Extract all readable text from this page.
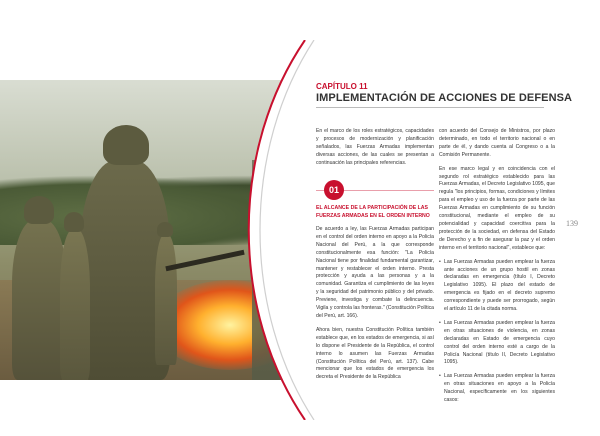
CAPÍTULO 11
IMPLEMENTACIÓN DE ACCIONES DE DEFENSA

En el marco de los roles estratégicos, capacidades y procesos de modernización y planificación señalados, las Fuerzas Armadas implementan diversas acciones, de las cuales se presentan a continuación las principales referencias.

01
EL ALCANCE DE LA PARTICIPACIÓN DE LAS FUERZAS ARMADAS EN EL ORDEN INTERNO

De acuerdo a ley, las Fuerzas Armadas participan en el control del orden interno en apoyo a la Policía Nacional del Perú, a la que corresponde constitucionalmente esa función: "La Policía Nacional tiene por finalidad fundamental garantizar, mantener y restablecer el orden interno. Presta protección y ayuda a las personas y a la comunidad. Garantiza el cumplimiento de las leyes y la seguridad del patrimonio público y del privado. Previene, investiga y combate la delincuencia. Vigila y controla las fronteras." (Constitución Política del Perú, art. 166).

Ahora bien, nuestra Constitución Política también establece que, en los estados de emergencia, si así lo dispone el Presidente de la República, el control interno lo asumen las Fuerzas Armadas (Constitución Política del Perú, art. 137). Cabe mencionar que los estados de emergencia los decreta el Presidente de la República

con acuerdo del Consejo de Ministros, por plazo determinado, en todo el territorio nacional o en parte de él, y dando cuenta al Congreso o a la Comisión Permanente.

En ese marco legal y en coincidencia con el segundo rol estratégico establecido para las Fuerzas Armadas, el Decreto Legislativo 1095, que regula "los principios, formas, condiciones y límites para el empleo y uso de la fuerza por parte de las Fuerzas Armadas en cumplimiento de su función constitucional, mediante el empleo de su potencialidad y capacidad coercitiva para la protección de la sociedad, en defensa del Estado de Derecho y a fin de asegurar la paz y el orden interno en el territorio nacional", establece que:

• Las Fuerzas Armadas pueden emplear la fuerza ante acciones de un grupo hostil en zonas declaradas en emergencia (título I, Decreto Legislativo 1095). El plazo del estado de emergencia es fijado en el decreto supremo correspondiente y puede ser prorrogado, según el artículo 11 de la citada norma.
• Las Fuerzas Armadas pueden emplear la fuerza en otras situaciones de violencia, en zonas declaradas en Estado de emergencia cuyo control del orden interno esté a cargo de la Policía Nacional (título II, Decreto Legislativo 1095).
• Las Fuerzas Armadas pueden emplear la fuerza en otras situaciones en apoyo a la Policía Nacional, específicamente en los siguientes casos:
139
